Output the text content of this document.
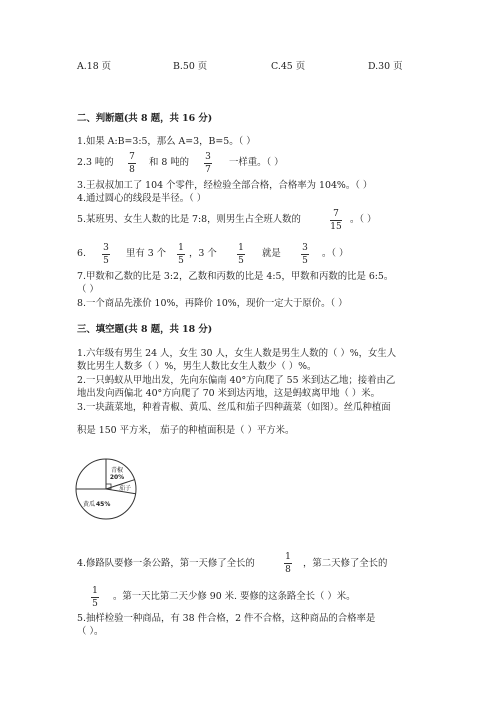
A.18 页	B.50 页	C.45 页	D.30 页
二、判断题(共 8 题，共 16 分)
1.如果 A:B=3:5，那么 A=3，B=5。（ ）
2.3 吨的 7
8
和 8 吨的 3
7
一样重。（ ）
3.王叔叔加工了 104 个零件，经检验全部合格，合格率为 104%。（ ）
4.通过圆心的线段是半径。（ ）
5.某班男、女生人数的比是 7:8，则男生占全班人数的	7
15
。（ ）
6. 3
5
里有 3 个 1
5
，3 个 1
5
就是 3
5
。（ ）
7.甲数和乙数的比是 3:2，乙数和丙数的比是 4:5，甲数和丙数的比是 6:5。
（ ）
8.一个商品先涨价 10%，再降价 10%，现价一定大于原价。（ ）
三、填空题(共 8 题，共 18 分)
1.六年级有男生 24 人，女生 30 人，女生人数是男生人数的（ ）%，女生人
数比男生人数多（ ）%，男生人数比女生人数少（ ）%。
2.一只蚂蚁从甲地出发，先向东偏南 40°方向爬了 55 米到达乙地；接着由乙
地出发向西偏北 40°方向爬了 70 米到达丙地，这是蚂蚁离甲地（ ）米。
3.一块蔬菜地，种着青椒、黄瓜、丝瓜和茄子四种蔬菜（如图）。丝瓜种植面
积是 150 平方米， 茄子的种植面积是（ ）平方米。
青椒
20%
茄子
黄瓜 45%
4.修路队要修一条公路，第一天修了全长的
1
8
，第二天修了全长的
1
5
。第一天比第二天少修 90 米. 要修的这条路全长（ ）米。
5.抽样检验一种商品，有 38 件合格，2 件不合格，这种商品的合格率是
（ ）。
